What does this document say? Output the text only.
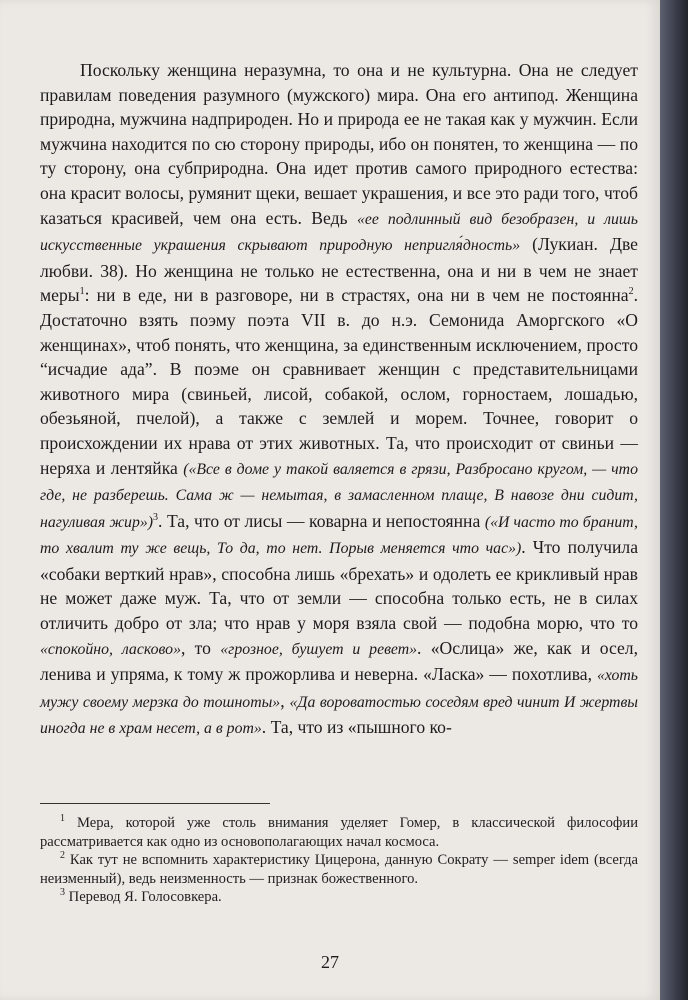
Поскольку женщина неразумна, то она и не культурна. Она не следует правилам поведения разумного (мужского) мира. Она его антипод. Женщина природна, мужчина надприроден. Но и природа ее не такая как у мужчин. Если мужчина находится по сю сторону природы, ибо он понятен, то женщина — по ту сторону, она субприродна. Она идет против самого природного естества: она красит волосы, румянит щеки, вешает украшения, и все это ради того, чтоб казаться красивей, чем она есть. Ведь «ее подлинный вид безобразен, и лишь искусственные украшения скрывают природную непригля́дность» (Лукиан. Две любви. 38). Но женщина не только не естественна, она и ни в чем не знает меры$^1$: ни в еде, ни в разговоре, ни в страстях, она ни в чем не постоянна$^2$. Достаточно взять поэму поэта VII в. до н.э. Семонида Аморгского «О женщинах», чтоб понять, что женщина, за единственным исключением, просто “исчадие ада”. В поэме он сравнивает женщин с представительницами животного мира (свиньей, лисой, собакой, ослом, горностаем, лошадью, обезьяной, пчелой), а также с землей и морем. Точнее, говорит о происхождении их нрава от этих животных. Та, что происходит от свиньи — неряха и лентяйка («Все в доме у такой валяется в грязи, Разбросано кругом, — что где, не разберешь. Сама ж — немытая, в замасленном плаще, В навозе дни сидит, нагуливая жир»)$^3$. Та, что от лисы — коварна и непостоянна («И часто то бранит, то хвалит ту же вещь, То да, то нет. Порыв меняется что час»). Что получила «собаки верткий нрав», способна лишь «брехать» и одолеть ее крикливый нрав не может даже муж. Та, что от земли — способна только есть, не в силах отличить добро от зла; что нрав у моря взяла свой — подобна морю, что то «спокойно, ласково», то «грозное, бушует и ревет». «Ослица» же, как и осел, ленива и упряма, к тому ж прожорлива и неверна. «Ласка» — похотлива, «хоть мужу своему мерзка до тошноты», «Да вороватостью соседям вред чинит И жертвы иногда не в храм несет, а в рот». Та, что из «пышного ко-

$^1$ Мера, которой уже столь внимания уделяет Гомер, в классической философии рассматривается как одно из основополагающих начал космоса.

$^2$ Как тут не вспомнить характеристику Цицерона, данную Сократу — semper idem (всегда неизменный), ведь неизменность — признак божественного.

$^3$ Перевод Я. Голосовкера.

27
